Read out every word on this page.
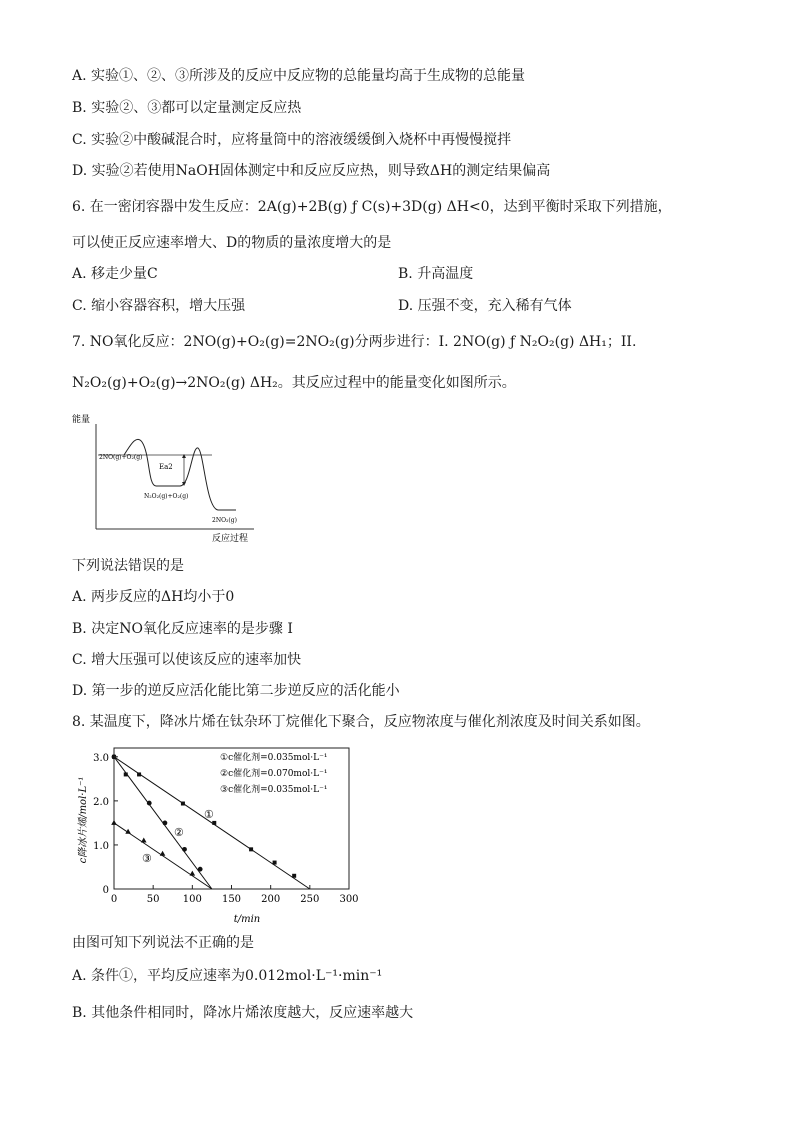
A. 实验①、②、③所涉及的反应中反应物的总能量均高于生成物的总能量
B. 实验②、③都可以定量测定反应热
C. 实验②中酸碱混合时，应将量筒中的溶液缓缓倒入烧杯中再慢慢搅拌
D. 实验②若使用NaOH固体测定中和反应反应热，则导致ΔH的测定结果偏高
6. 在一密闭容器中发生反应：2A(g)+2B(g) ƒ C(s)+3D(g) ΔH<0，达到平衡时采取下列措施，
可以使正反应速率增大、D的物质的量浓度增大的是
A. 移走少量C	B. 升高温度
C. 缩小容器容积，增大压强	D. 压强不变，充入稀有气体
7. NO氧化反应：2NO(g)+O₂(g)=2NO₂(g)分两步进行：I. 2NO(g) ƒ N₂O₂(g) ΔH₁；II.
N₂O₂(g)+O₂(g)→2NO₂(g) ΔH₂。其反应过程中的能量变化如图所示。
能量
反应过程
2NO(g)+O₂(g)
N₂O₂(g)+O₂(g)
Ea2
2NO₂(g)
下列说法错误的是
A. 两步反应的ΔH均小于0
B. 决定NO氧化反应速率的是步骤 I
C. 增大压强可以使该反应的速率加快
D. 第一步的逆反应活化能比第二步逆反应的活化能小
8. 某温度下，降冰片烯在钛杂环丁烷催化下聚合，反应物浓度与催化剂浓度及时间关系如图。
0	50 100 150 200 250 300
0
1.0
2.0
3.0
t/min
c降冰片烯/mol·L⁻¹
①c催化剂=0.035mol·L⁻¹
②c催化剂=0.070mol·L⁻¹
③c催化剂=0.035mol·L⁻¹
①
②
③
由图可知下列说法不正确的是
A. 条件①，平均反应速率为0.012mol·L⁻¹·min⁻¹
B. 其他条件相同时，降冰片烯浓度越大，反应速率越大
